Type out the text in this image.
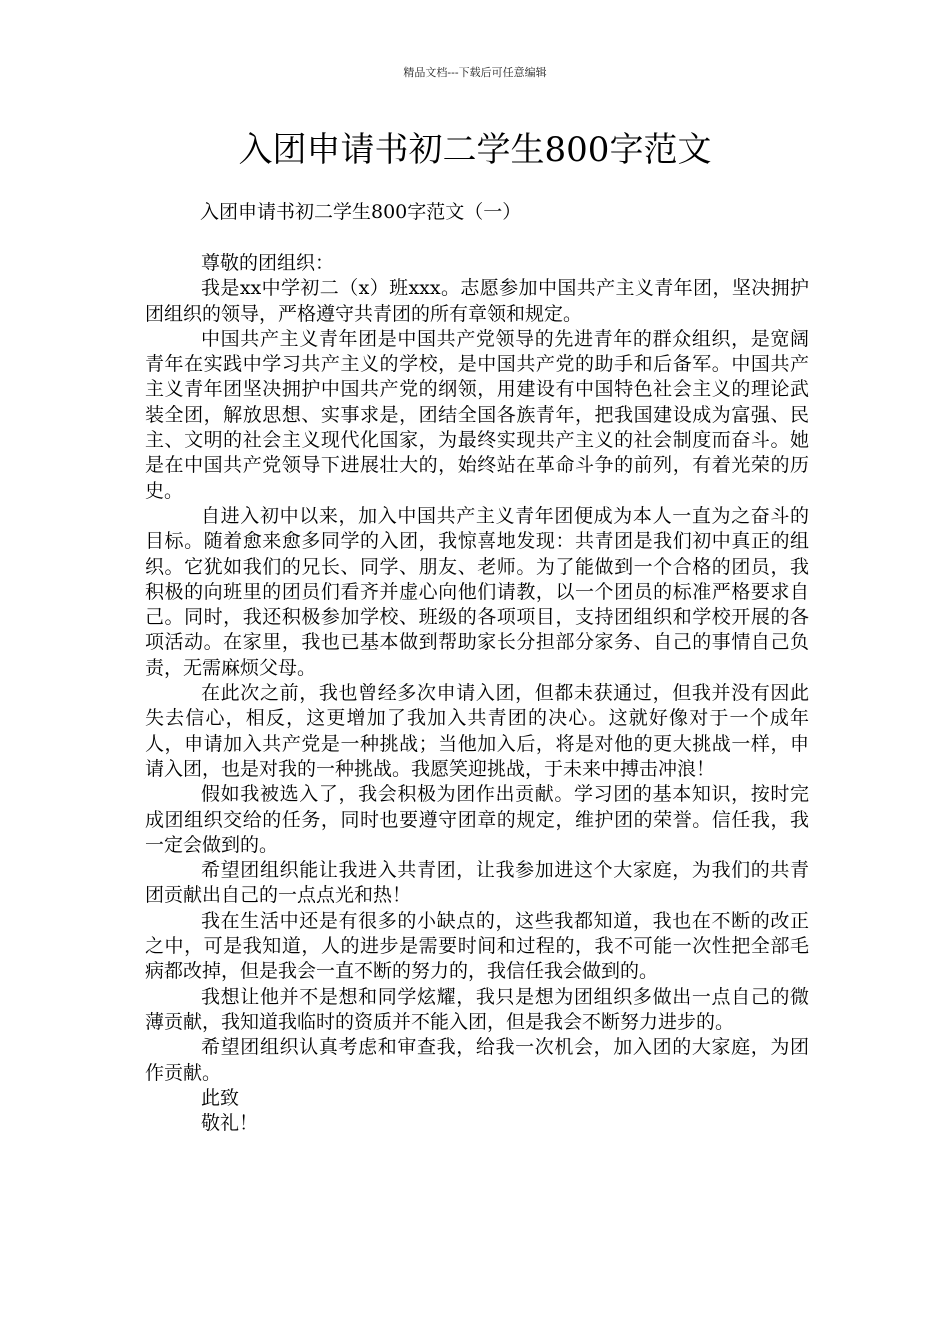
精品文档---下载后可任意编辑
入团申请书初二学生800字范文
入团申请书初二学生800字范文（一）

尊敬的团组织：

我是xx中学初二（x）班xxx。志愿参加中国共产主义青年团，坚决拥护团组织的领导，严格遵守共青团的所有章领和规定。

中国共产主义青年团是中国共产党领导的先进青年的群众组织，是宽阔青年在实践中学习共产主义的学校，是中国共产党的助手和后备军。中国共产主义青年团坚决拥护中国共产党的纲领，用建设有中国特色社会主义的理论武装全团，解放思想、实事求是，团结全国各族青年，把我国建设成为富强、民主、文明的社会主义现代化国家，为最终实现共产主义的社会制度而奋斗。她是在中国共产党领导下进展壮大的，始终站在革命斗争的前列，有着光荣的历史。

自进入初中以来，加入中国共产主义青年团便成为本人一直为之奋斗的目标。随着愈来愈多同学的入团，我惊喜地发现：共青团是我们初中真正的组织。它犹如我们的兄长、同学、朋友、老师。为了能做到一个合格的团员，我积极的向班里的团员们看齐并虚心向他们请教，以一个团员的标准严格要求自己。同时，我还积极参加学校、班级的各项项目，支持团组织和学校开展的各项活动。在家里，我也已基本做到帮助家长分担部分家务、自己的事情自己负责，无需麻烦父母。

在此次之前，我也曾经多次申请入团，但都未获通过，但我并没有因此失去信心，相反，这更增加了我加入共青团的决心。这就好像对于一个成年人，申请加入共产党是一种挑战；当他加入后，将是对他的更大挑战一样，申请入团，也是对我的一种挑战。我愿笑迎挑战，于未来中搏击冲浪！

假如我被选入了，我会积极为团作出贡献。学习团的基本知识，按时完成团组织交给的任务，同时也要遵守团章的规定，维护团的荣誉。信任我，我一定会做到的。

希望团组织能让我进入共青团，让我参加进这个大家庭，为我们的共青团贡献出自己的一点点光和热！

我在生活中还是有很多的小缺点的，这些我都知道，我也在不断的改正之中，可是我知道，人的进步是需要时间和过程的，我不可能一次性把全部毛病都改掉，但是我会一直不断的努力的，我信任我会做到的。

我想让他并不是想和同学炫耀，我只是想为团组织多做出一点自己的微薄贡献，我知道我临时的资质并不能入团，但是我会不断努力进步的。

希望团组织认真考虑和审查我，给我一次机会，加入团的大家庭，为团作贡献。

此致

敬礼！
